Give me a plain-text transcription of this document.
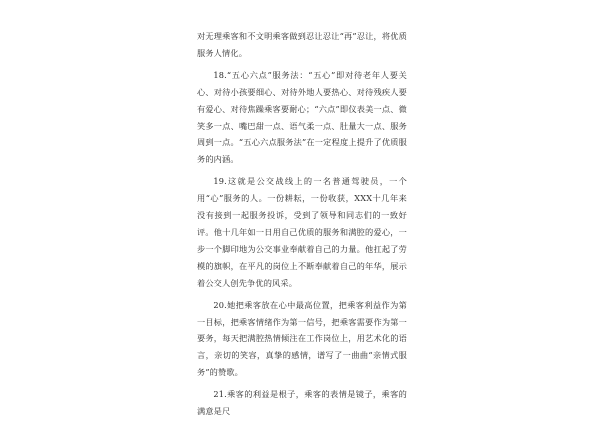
对无理乘客和不文明乘客做到忍让忍让“再”忍让，将优质服务人情化。

18.“五心六点”服务法：“五心”即对待老年人要关心、对待小孩要细心、对待外地人要热心、对待残疾人要有爱心、对待焦躁乘客要耐心；“六点”即仪表美一点、微笑多一点、嘴巴甜一点、语气柔一点、肚量大一点、服务周到一点。“五心六点服务法”在一定程度上提升了优质服务的内涵。

19.这就是公交战线上的一名普通驾驶员，一个用“心”服务的人。一份耕耘，一份收获，XXX十几年来没有接到一起服务投诉，受到了领导和同志们的一致好评。他十几年如一日用自己优质的服务和满腔的爱心，一步一个脚印地为公交事业奉献着自己的力量。他扛起了劳模的旗帜，在平凡的岗位上不断奉献着自己的年华，展示着公交人创先争优的风采。

20.她把乘客放在心中最高位置，把乘客利益作为第一目标，把乘客情绪作为第一信号，把乘客需要作为第一要务，每天把满腔热情倾注在工作岗位上，用艺术化的语言，亲切的笑容，真挚的感情，谱写了一曲曲“亲情式服务”的赞歌。

21.乘客的利益是根子，乘客的表情是镜子，乘客的满意是尺
